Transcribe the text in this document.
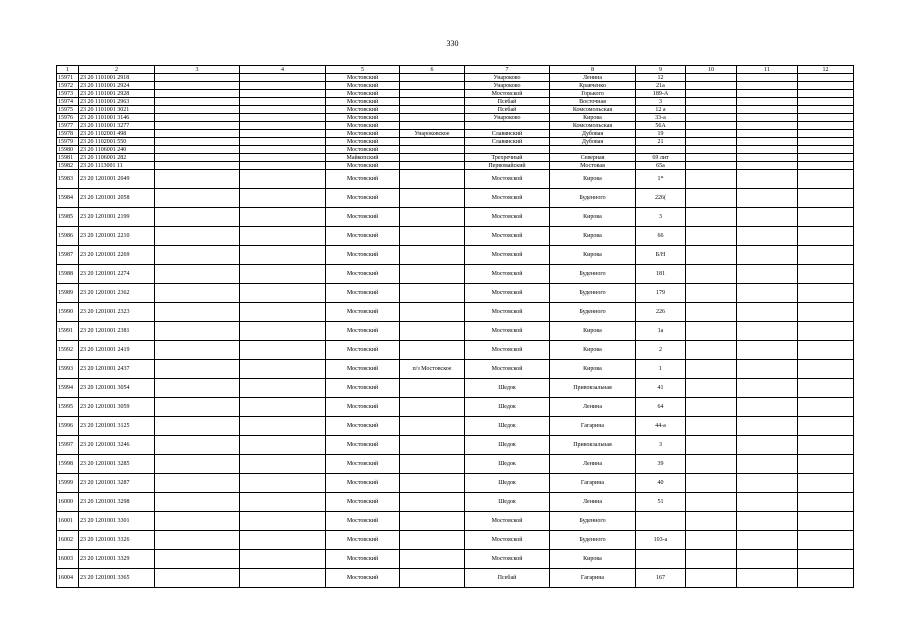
330
1	2	3	4	5	6	7	8	9	10	11	12
15971	23 20 1101001 2918			Мостовский		Унароково	Ленина	12			
15972	23 20 1101001 2924			Мостовский		Унароково	Кравченко	21а			
15973	23 20 1101001 2928			Мостовский		Мостовской	Горького	189-А			
15974	23 20 1101001 2963			Мостовский		Псебай	Восточная	3			
15975	23 20 1101001 3021			Мостовский		Псебай	Комсомольская	12 а			
15976	23 20 1101001 3146			Мостовский		Унароково	Кирова	33-а			
15977	23 20 1101001 3277			Мостовский			Комсомольская	56А			
15978	23 20 1102001 498			Мостовский	Унароковское	Славянский	Дубовая	19			
15979	23 20 1102001 550			Мостовский		Славянский	Дубовая	21			
15980	23 20 1106001 240			Мостовский							
15981	23 20 1106001 282			Майкопский		Трехречный	Северная	69 лит			
15982	23 20 1113001 11			Мостовский		Первомайский	Мостовая	65а			
15983	23 20 1201001 2049			Мостовский		Мостовской	Кирова	1*			
15984	23 20 1201001 2058			Мостовский		Мостовской	Буденного	226(			
15985	23 20 1201001 2199			Мостовский		Мостовской	Кирова	3			
15986	23 20 1201001 2210			Мостовский		Мостовской	Кирова	66			
15987	23 20 1201001 2269			Мостовский		Мостовской	Кирова	Б/Н			
15988	23 20 1201001 2274			Мостовский		Мостовской	Буденного	181			
15989	23 20 1201001 2362			Мостовский		Мостовской	Буденного	179			
15990	23 20 1201001 2323			Мостовский		Мостовской	Буденного	226			
15991	23 20 1201001 2381			Мостовский		Мостовской	Кирова	1а			
15992	23 20 1201001 2419			Мостовский		Мостовской	Кирова	2			
15993	23 20 1201001 2437			Мостовский	п/з Мостовское	Мостовской	Кирова	1			
15994	23 20 1201001 3054			Мостовский		Шедок	Привокзальная	41			
15995	23 20 1201001 3059			Мостовский		Шедок	Ленина	64			
15996	23 20 1201001 3125			Мостовский		Шедок	Гагарина	44-а			
15997	23 20 1201001 3246			Мостовский		Шедок	Привокзальная	3			
15998	23 20 1201001 3285			Мостовский		Шедок	Ленина	39			
15999	23 20 1201001 3287			Мостовский		Шедок	Гагарина	40			
16000	23 20 1201001 3298			Мостовский		Шедок	Ленина	51			
16001	23 20 1201001 3301			Мостовский		Мостовской	Буденного				
16002	23 20 1201001 3326			Мостовский		Мостовской	Буденного	103-а			
16003	23 20 1201001 3329			Мостовский		Мостовской	Кирова				
16004	23 20 1201001 3365			Мостовский		Псебай	Гагарина	167			
